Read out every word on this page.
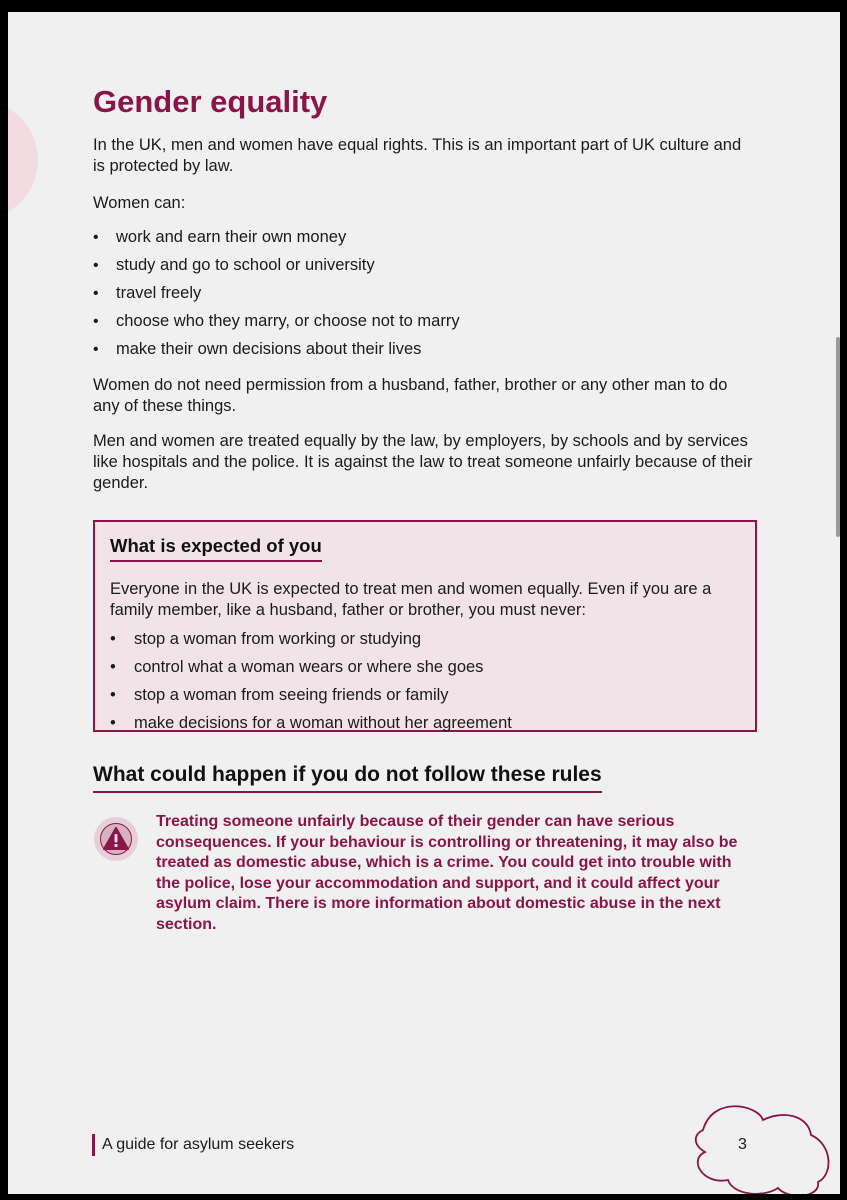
Gender equality

In the UK, men and women have equal rights. This is an important part of UK culture and is protected by law.

Women can:

• work and earn their own money
• study and go to school or university
• travel freely
• choose who they marry, or choose not to marry
• make their own decisions about their lives

Women do not need permission from a husband, father, brother or any other man to do any of these things.

Men and women are treated equally by the law, by employers, by schools and by services like hospitals and the police. It is against the law to treat someone unfairly because of their gender.

What is expected of you

Everyone in the UK is expected to treat men and women equally. Even if you are a family member, like a husband, father or brother, you must never:

• stop a woman from working or studying
• control what a woman wears or where she goes
• stop a woman from seeing friends or family
• make decisions for a woman without her agreement
What could happen if you do not follow these rules

Treating someone unfairly because of their gender can have serious consequences. If your behaviour is controlling or threatening, it may also be treated as domestic abuse, which is a crime. You could get into trouble with the police, lose your accommodation and support, and it could affect your asylum claim. There is more information about domestic abuse in the next section.

A guide for asylum seekers	3
